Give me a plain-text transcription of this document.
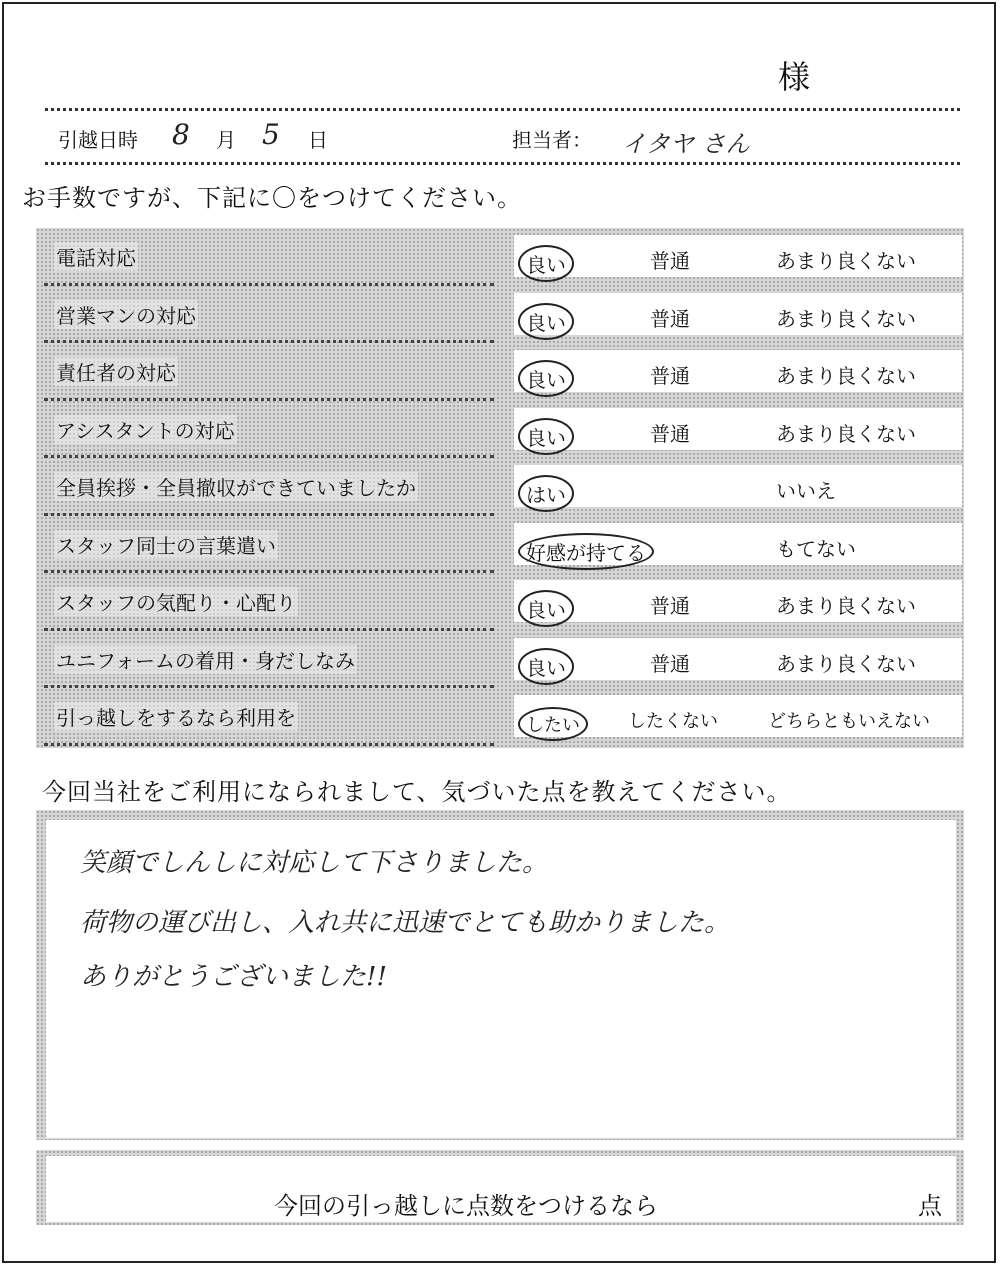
様
引越日時 8 月 5 日	担当者： イタヤ さん
お手数ですが、下記に〇をつけてください。
電話対応	良い	普通	あまり良くない
営業マンの対応	良い	普通	あまり良くない
責任者の対応	良い	普通	あまり良くない
アシスタントの対応	良い	普通	あまり良くない
全員挨拶・全員撤収ができていましたか	はい	いいえ
スタッフ同士の言葉遣い	好感が持てる	もてない
スタッフの気配り・心配り	良い	普通	あまり良くない
ユニフォームの着用・身だしなみ	良い	普通	あまり良くない
引っ越しをするなら利用を	したい	したくない	どちらともいえない
今回当社をご利用になられまして、気づいた点を教えてください。
笑顔でしんしに対応して下さりました。
荷物の運び出し、入れ共に迅速でとても助かりました。
ありがとうございました!!
今回の引っ越しに点数をつけるなら	点
